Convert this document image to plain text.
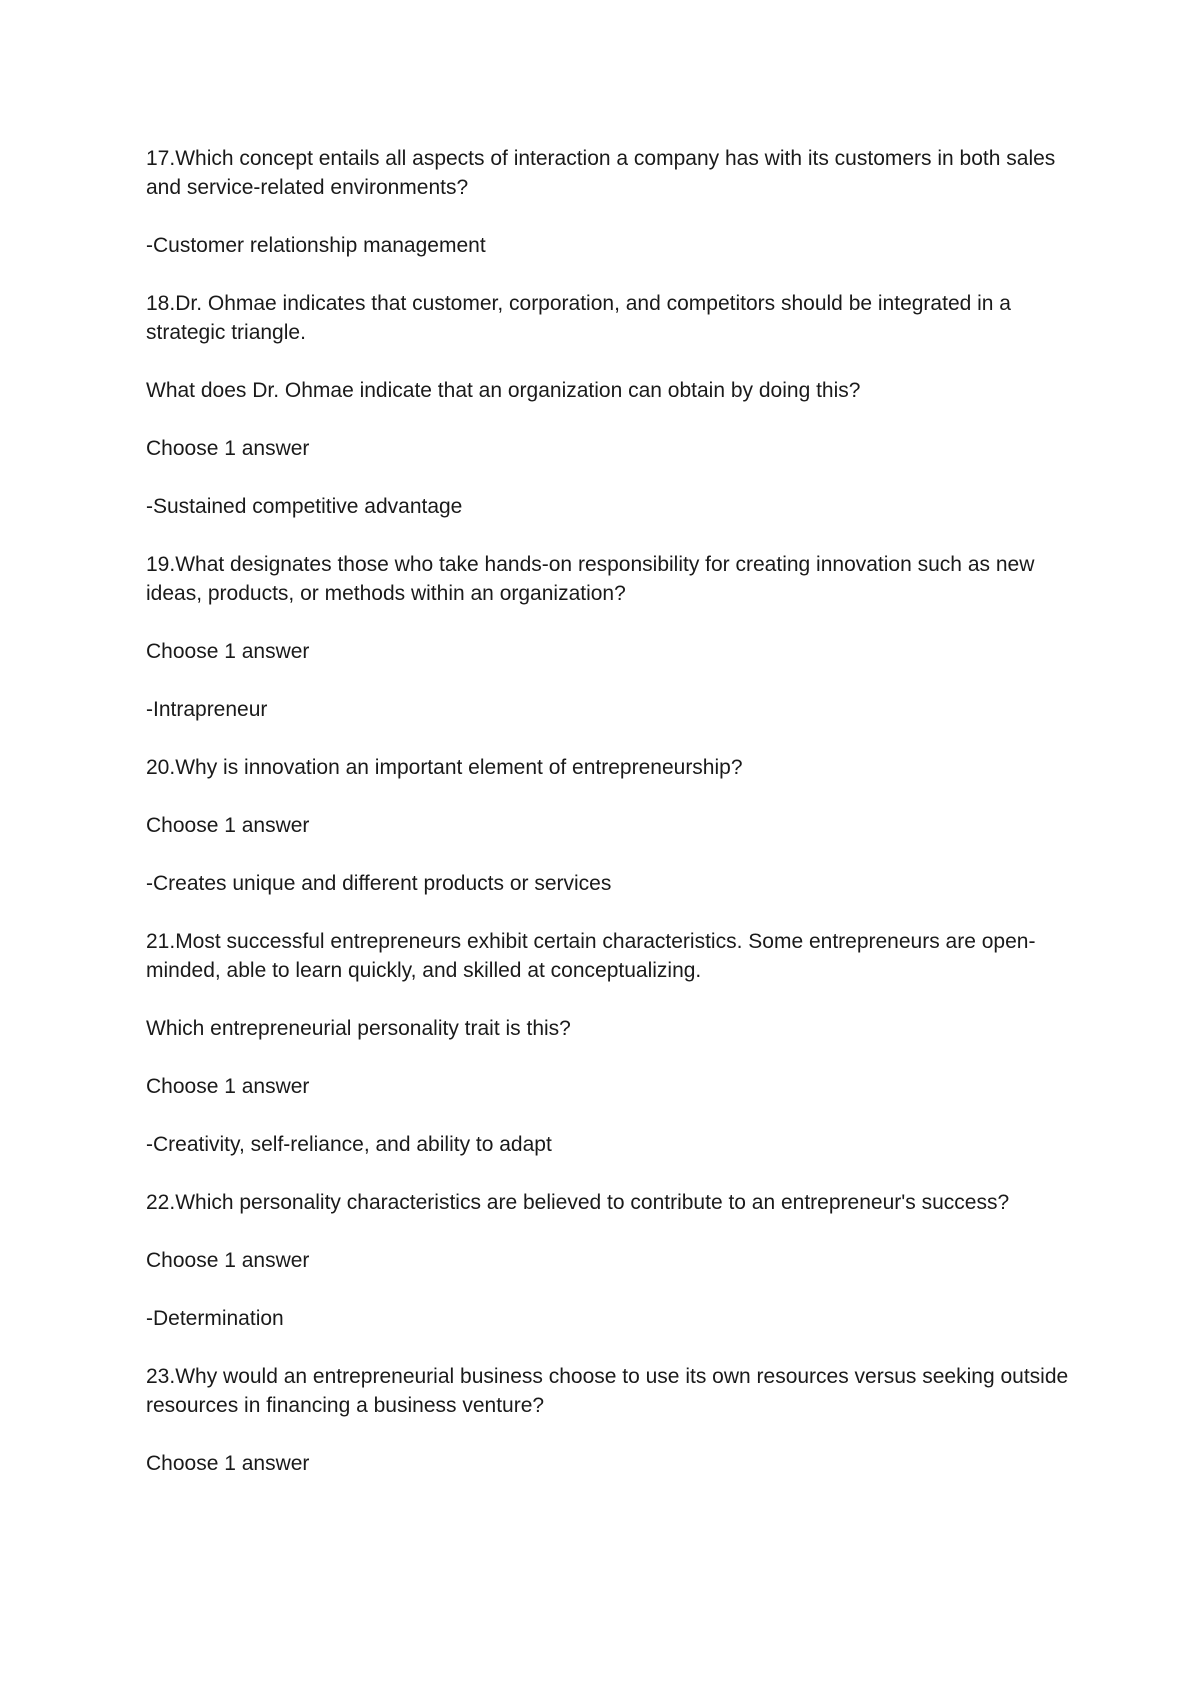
17.Which concept entails all aspects of interaction a company has with its customers in both sales and service-related environments?

-Customer relationship management

18.Dr. Ohmae indicates that customer, corporation, and competitors should be integrated in a strategic triangle.

What does Dr. Ohmae indicate that an organization can obtain by doing this?

Choose 1 answer

-Sustained competitive advantage

19.What designates those who take hands-on responsibility for creating innovation such as new ideas, products, or methods within an organization?

Choose 1 answer

-Intrapreneur

20.Why is innovation an important element of entrepreneurship?

Choose 1 answer

-Creates unique and different products or services

21.Most successful entrepreneurs exhibit certain characteristics. Some entrepreneurs are open-minded, able to learn quickly, and skilled at conceptualizing.

Which entrepreneurial personality trait is this?

Choose 1 answer

-Creativity, self-reliance, and ability to adapt

22.Which personality characteristics are believed to contribute to an entrepreneur's success?

Choose 1 answer

-Determination

23.Why would an entrepreneurial business choose to use its own resources versus seeking outside resources in financing a business venture?

Choose 1 answer
